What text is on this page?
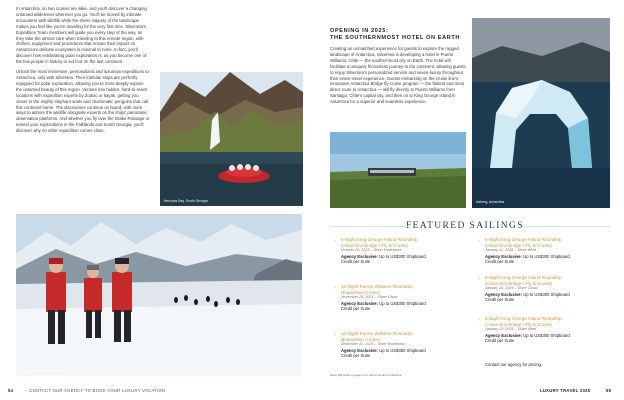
In Antarctica, no two cruises are alike, and you'll discover a changing untamed wilderness wherever you go. You'll be moved by intimate encounters with wildlife while the sheer majesty of the landscape makes you feel like you're traveling for the very first time. Silversea's Expedition Team members will guide you every step of the way, as they take the utmost care when traveling to this remote region, with clothes, equipment and procedures that ensure their impact on Antarctica's delicate ecosystem is minimal to none. In fact, you'll discover how exhilarating polar exploration is, as you become one of the few people in history to set foot on the last continent.

Unlock the most immersive, personalized and luxurious expeditions to Antarctica, only with Silversea. Their intimate ships are perfectly equipped for polar exploration, allowing you to more deeply explore the untamed beauty of this region. Venture into hidden, hard-to-reach locations with expedition experts by Zodiac or kayak, getting you closer to the mighty elephant seals and charismatic penguins that call this continent home. The discoveries continue on board, with more ways to admire the wildlife alongside experts on the ships' panoramic observation platforms. And whether you fly over the Drake Passage or extend your explorations in the Falklands and South Georgia, you'll discover why no other expedition comes close.

Hercules Bay, South Georgia
Expedition Guides, Antarctica
54	› CONTACT OUR AGENCY TO BOOK YOUR LUXURY VACATION
OPENING IN 2025:
THE SOUTHERNMOST HOTEL ON EARTH
Creating an unmatched experience for guests to explore the rugged landscape of Antarctica, Silversea is developing a hotel in Puerto Williams, Chile — the southernmost city on Earth. The hotel will facilitate a uniquely frictionless journey to the continent, allowing guests to enjoy Silversea's personalized service and seven-luxury throughout their entire travel experience. Guests embarking on the cruise line's innovative Antarctica Bridge fly-cruise program — the fastest and most direct route to Antarctica — will fly directly to Puerto Williams from Santiago, Chile's capital city, and then on to King George Island in Antarctica for a superior and seamless experience.
Iceberg, Antarctica
FEATURED SAILINGS
› 6-Night King George Island Roundtrip
(Antarctica Bridge / Fly & Cruise)
October 26, 2025 – Silver Endeavour
Agency Exclusive: Up to US$300 Shipboard
Credit per Suite
› 10-Night Puerto Williams Roundtrip
(Expedition Cruise)
November 25, 2025 – Silver Cloud
Agency Exclusive: Up to US$300 Shipboard
Credit per Suite
› 10-Night Puerto Williams Roundtrip
(Expedition Cruise)
December 12, 2025 – Silver Endeavour
Agency Exclusive: Up to US$300 Shipboard
Credit per Suite
› 6-Night King George Island Roundtrip
(Antarctica Bridge / Fly & Cruise)
January 11, 2026 – Silver Wind
Agency Exclusive: Up to US$300 Shipboard
Credit per Suite
› 6-Night King George Island Roundtrip
(Antarctica Bridge / Fly & Cruise)
January 20, 2026 – Silver Cloud
Agency Exclusive: Up to US$300 Shipboard
Credit per Suite
› 6-Night King George Island Roundtrip
(Antarctica Bridge / Fly & Cruise)
January 29, 2026 – Silver Wind
Agency Exclusive: Up to US$300 Shipboard
Credit per Suite
Contact our agency for pricing.
Scan QR code on page 1 for full terms and conditions.
LUXURY TRAVEL 2025	55
